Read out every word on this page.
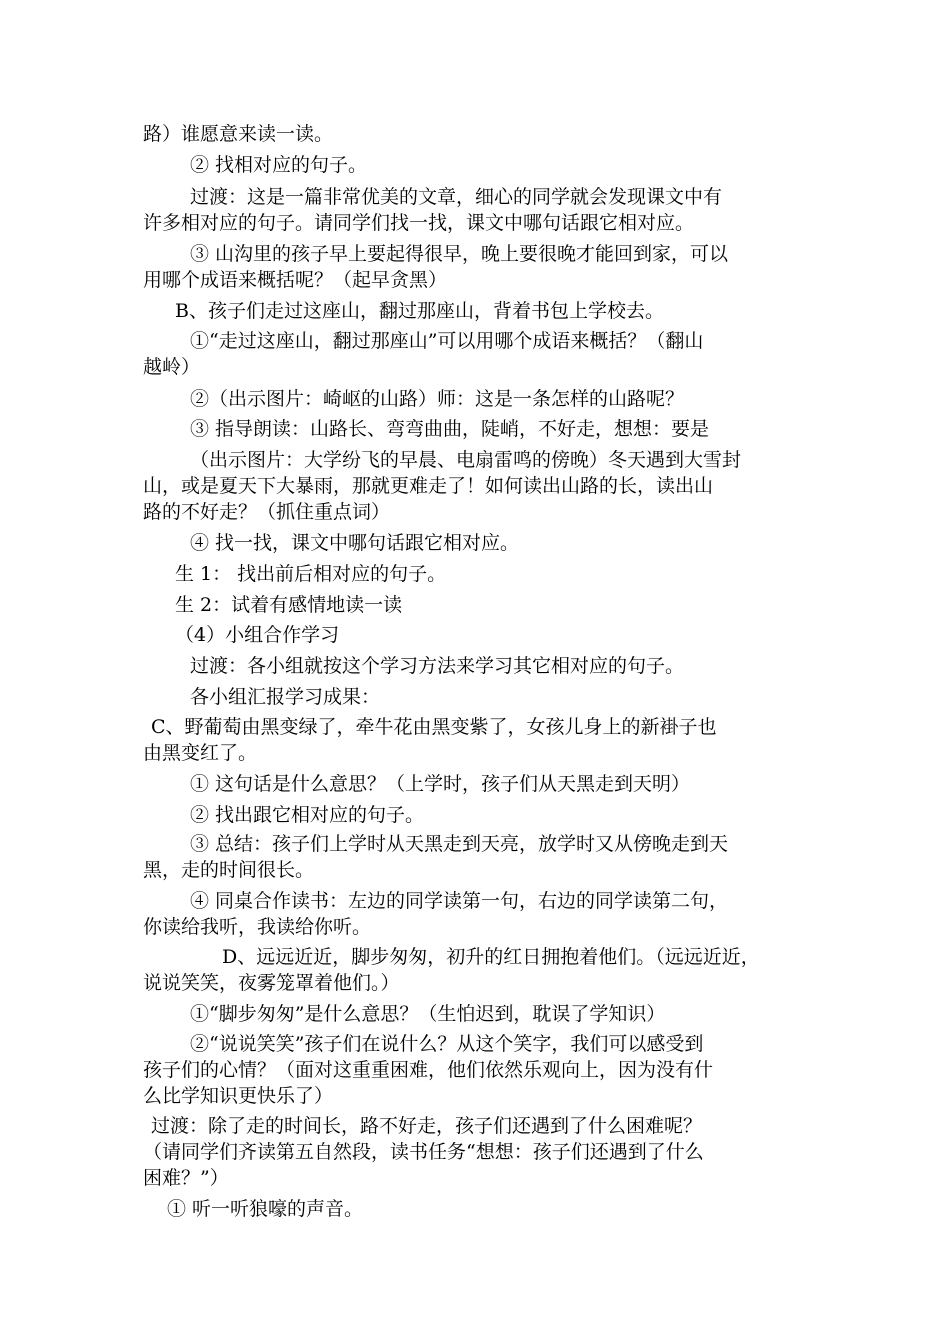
路）谁愿意来读一读。
② 找相对应的句子。
过渡：这是一篇非常优美的文章，细心的同学就会发现课文中有
许多相对应的句子。请同学们找一找，课文中哪句话跟它相对应。
③ 山沟里的孩子早上要起得很早，晚上要很晚才能回到家，可以
用哪个成语来概括呢？（起早贪黑）
B、孩子们走过这座山，翻过那座山，背着书包上学校去。
①“走过这座山，翻过那座山”可以用哪个成语来概括？（翻山
越岭）
②（出示图片：崎岖的山路）师：这是一条怎样的山路呢？
③ 指导朗读：山路长、弯弯曲曲，陡峭，不好走，想想：要是
（出示图片：大学纷飞的早晨、电扇雷鸣的傍晚）冬天遇到大雪封
山，或是夏天下大暴雨，那就更难走了！如何读出山路的长，读出山
路的不好走？（抓住重点词）
④ 找一找，课文中哪句话跟它相对应。
生 1： 找出前后相对应的句子。
生 2：试着有感情地读一读
（4）小组合作学习
过渡：各小组就按这个学习方法来学习其它相对应的句子。
各小组汇报学习成果：
C、野葡萄由黑变绿了，牵牛花由黑变紫了，女孩儿身上的新褂子也
由黑变红了。
① 这句话是什么意思？（上学时，孩子们从天黑走到天明）
② 找出跟它相对应的句子。
③ 总结：孩子们上学时从天黑走到天亮，放学时又从傍晚走到天
黑，走的时间很长。
④ 同桌合作读书：左边的同学读第一句，右边的同学读第二句，
你读给我听，我读给你听。
D、远远近近，脚步匆匆，初升的红日拥抱着他们。（远远近近，
说说笑笑，夜雾笼罩着他们。）
①“脚步匆匆”是什么意思？（生怕迟到，耽误了学知识）
②“说说笑笑”孩子们在说什么？从这个笑字，我们可以感受到
孩子们的心情？（面对这重重困难，他们依然乐观向上，因为没有什
么比学知识更快乐了）
过渡：除了走的时间长，路不好走，孩子们还遇到了什么困难呢？
（请同学们齐读第五自然段，读书任务“想想：孩子们还遇到了什么
困难？”）
① 听一听狼嚎的声音。
